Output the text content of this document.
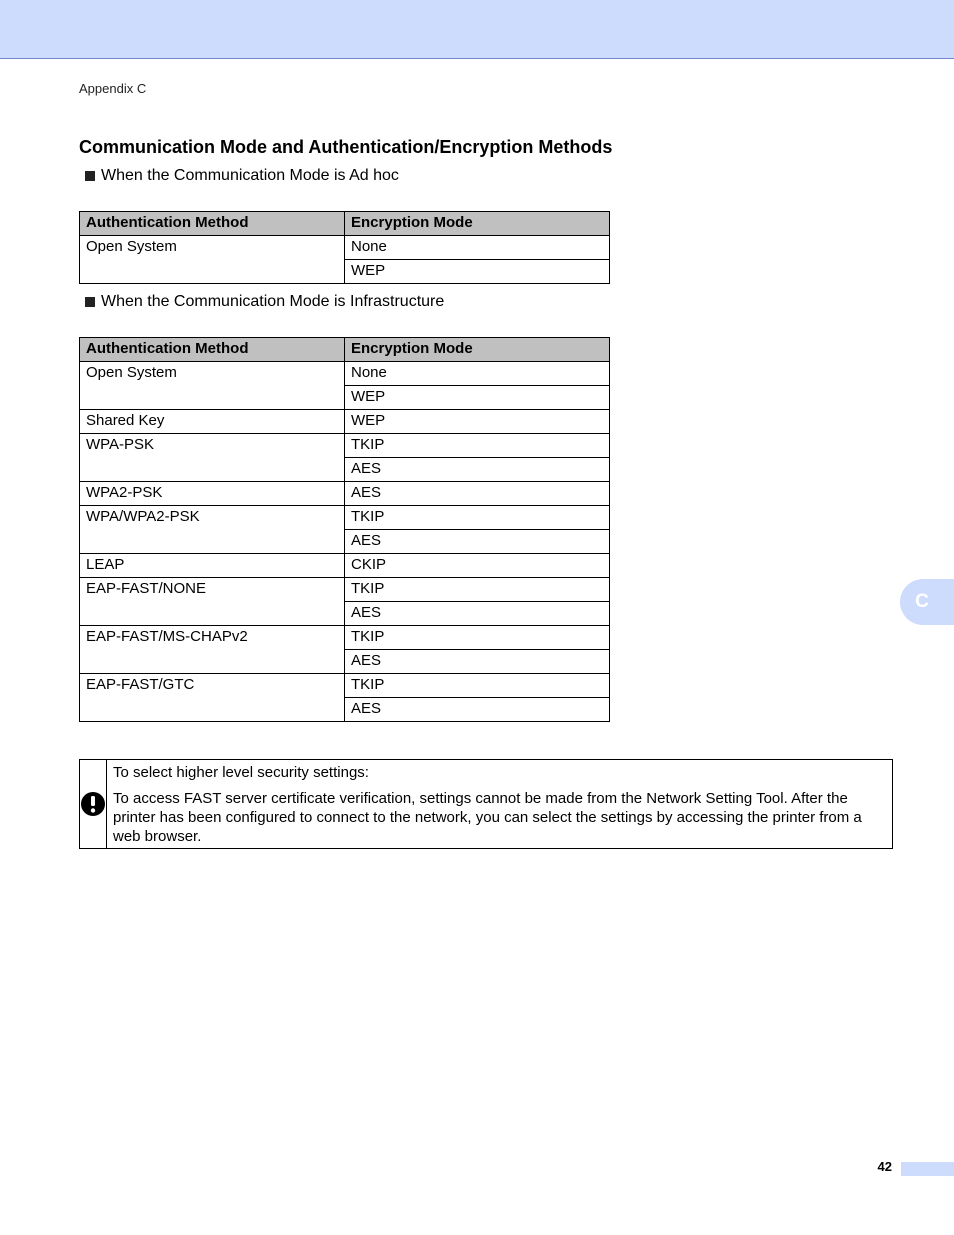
Appendix C
Communication Mode and Authentication/Encryption Methods
When the Communication Mode is Ad hoc
Authentication Method	Encryption Mode
Open System	None
	WEP
When the Communication Mode is Infrastructure
Authentication Method	Encryption Mode
Open System	None
	WEP
Shared Key	WEP
WPA-PSK	TKIP
	AES
WPA2-PSK	AES
WPA/WPA2-PSK	TKIP
	AES
LEAP	CKIP
EAP-FAST/NONE	TKIP
	AES
EAP-FAST/MS-CHAPv2	TKIP
	AES
EAP-FAST/GTC	TKIP
	AES

To select higher level security settings:

To access FAST server certificate verification, settings cannot be made from the Network Setting Tool. After the printer has been configured to connect to the network, you can select the settings by accessing the printer from a web browser.

C
42
